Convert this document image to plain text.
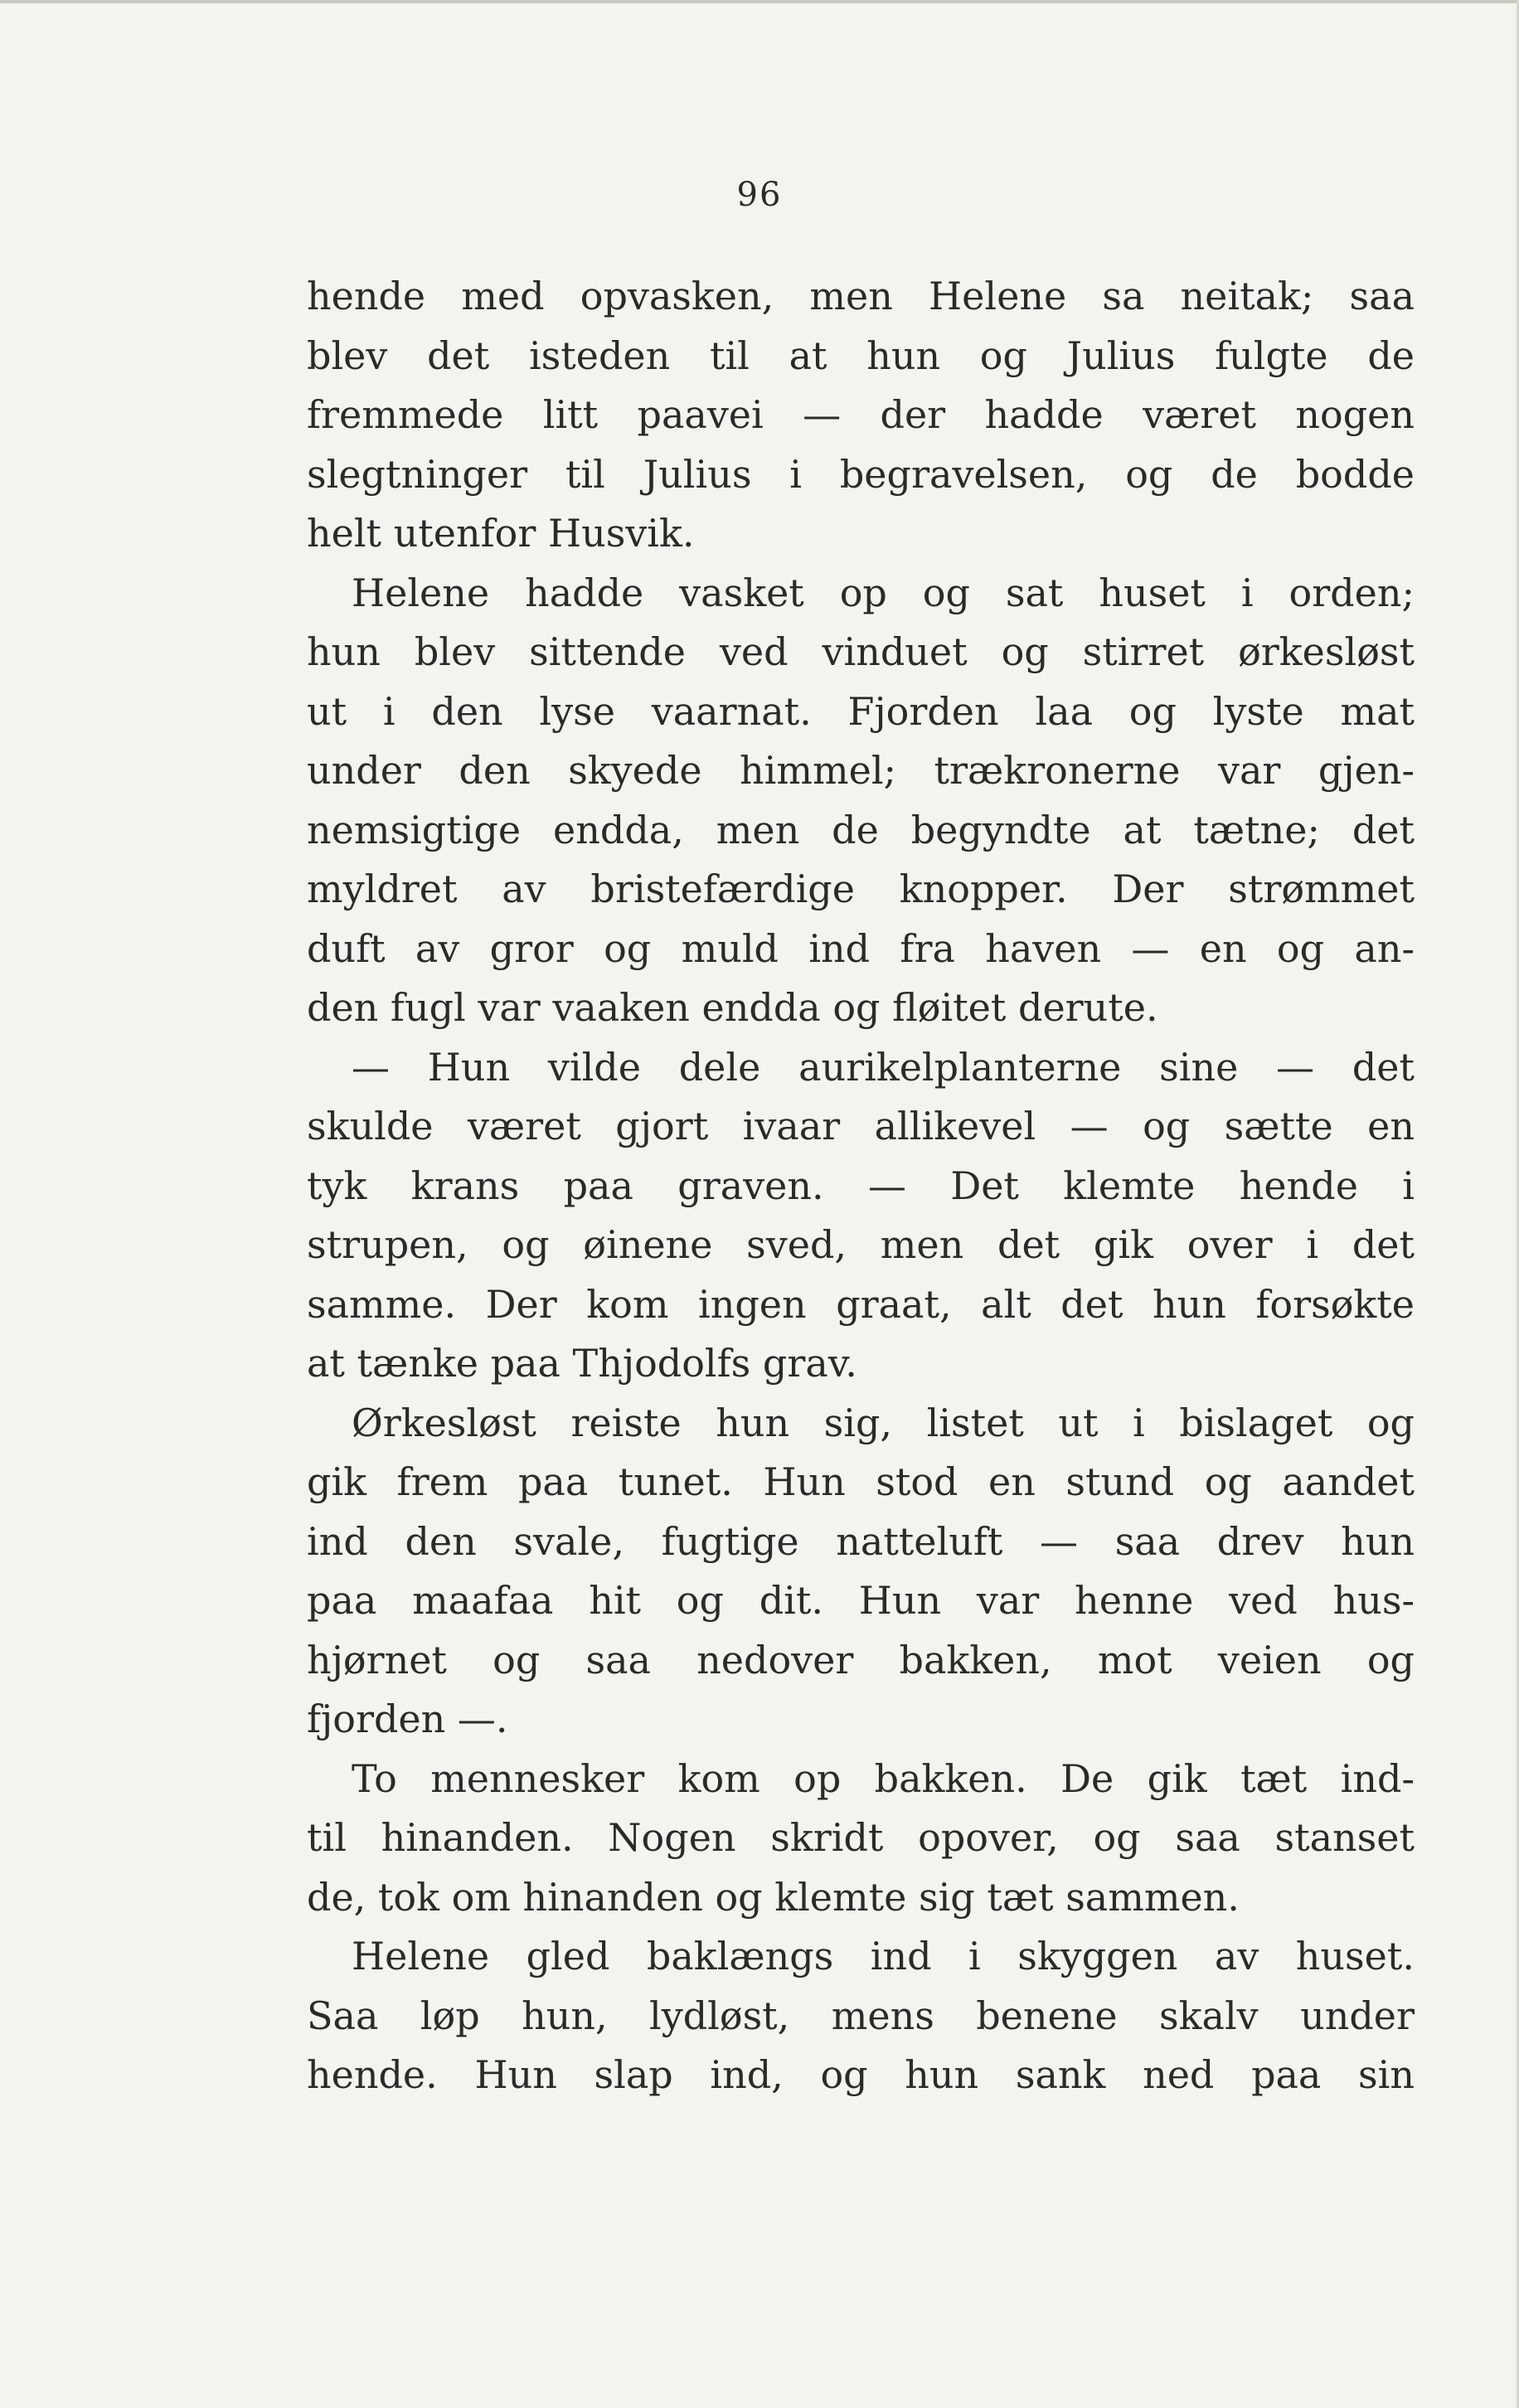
96
hende med opvasken, men Helene sa neitak; saa
blev det isteden til at hun og Julius fulgte de
fremmede litt paavei — der hadde været nogen
slegtninger til Julius i begravelsen, og de bodde
helt utenfor Husvik.
Helene hadde vasket op og sat huset i orden;
hun blev sittende ved vinduet og stirret ørkesløst
ut i den lyse vaarnat. Fjorden laa og lyste mat
under den skyede himmel; trækronerne var gjen-
nemsigtige endda, men de begyndte at tætne; det
myldret av bristefærdige knopper. Der strømmet
duft av gror og muld ind fra haven — en og an-
den fugl var vaaken endda og fløitet derute.
— Hun vilde dele aurikelplanterne sine — det
skulde været gjort ivaar allikevel — og sætte en
tyk krans paa graven. — Det klemte hende i
strupen, og øinene sved, men det gik over i det
samme. Der kom ingen graat, alt det hun forsøkte
at tænke paa Thjodolfs grav.
Ørkesløst reiste hun sig, listet ut i bislaget og
gik frem paa tunet. Hun stod en stund og aandet
ind den svale, fugtige natteluft — saa drev hun
paa maafaa hit og dit. Hun var henne ved hus-
hjørnet og saa nedover bakken, mot veien og
fjorden —.
To mennesker kom op bakken. De gik tæt ind-
til hinanden. Nogen skridt opover, og saa stanset
de, tok om hinanden og klemte sig tæt sammen.
Helene gled baklængs ind i skyggen av huset.
Saa løp hun, lydløst, mens benene skalv under
hende. Hun slap ind, og hun sank ned paa sin
